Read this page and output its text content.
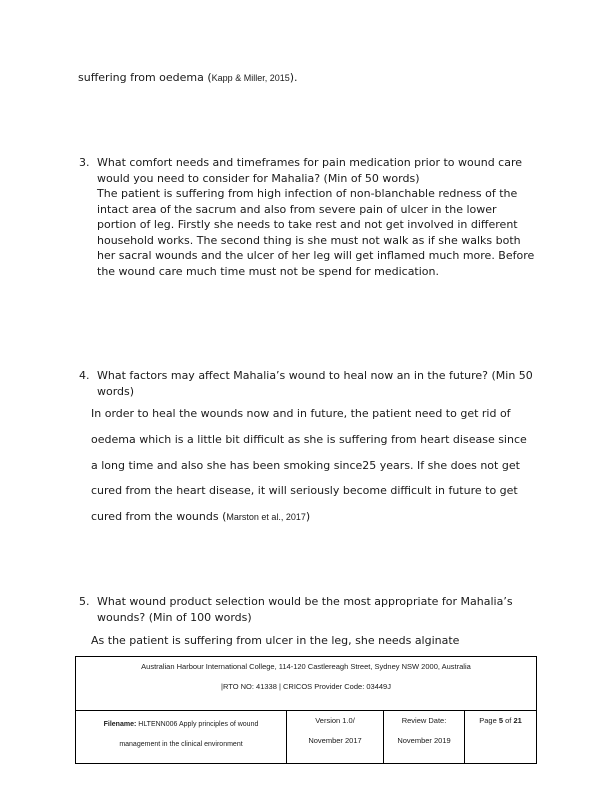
suffering from oedema (Kapp & Miller, 2015).
3. What comfort needs and timeframes for pain medication prior to wound care
would you need to consider for Mahalia? (Min of 50 words)
The patient is suffering from high infection of non-blanchable redness of the
intact area of the sacrum and also from severe pain of ulcer in the lower
portion of leg. Firstly she needs to take rest and not get involved in different
household works. The second thing is she must not walk as if she walks both
her sacral wounds and the ulcer of her leg will get inflamed much more. Before
the wound care much time must not be spend for medication.
4. What factors may affect Mahalia’s wound to heal now an in the future? (Min 50
words)
In order to heal the wounds now and in future, the patient need to get rid of
oedema which is a little bit difficult as she is suffering from heart disease since
a long time and also she has been smoking since25 years. If she does not get
cured from the heart disease, it will seriously become difficult in future to get
cured from the wounds (Marston et al., 2017)
5. What wound product selection would be the most appropriate for Mahalia’s
wounds? (Min of 100 words)
As the patient is suffering from ulcer in the leg, she needs alginate
Australian Harbour International College, 114-120 Castlereagh Street, Sydney NSW 2000, Australia
|RTO NO: 41338 | CRICOS Provider Code: 03449J

Filename: HLTENN006 Apply principles of wound
management in the clinical environment

Version 1.0/
November 2017

Review Date:
November 2019

Page 5 of 21
